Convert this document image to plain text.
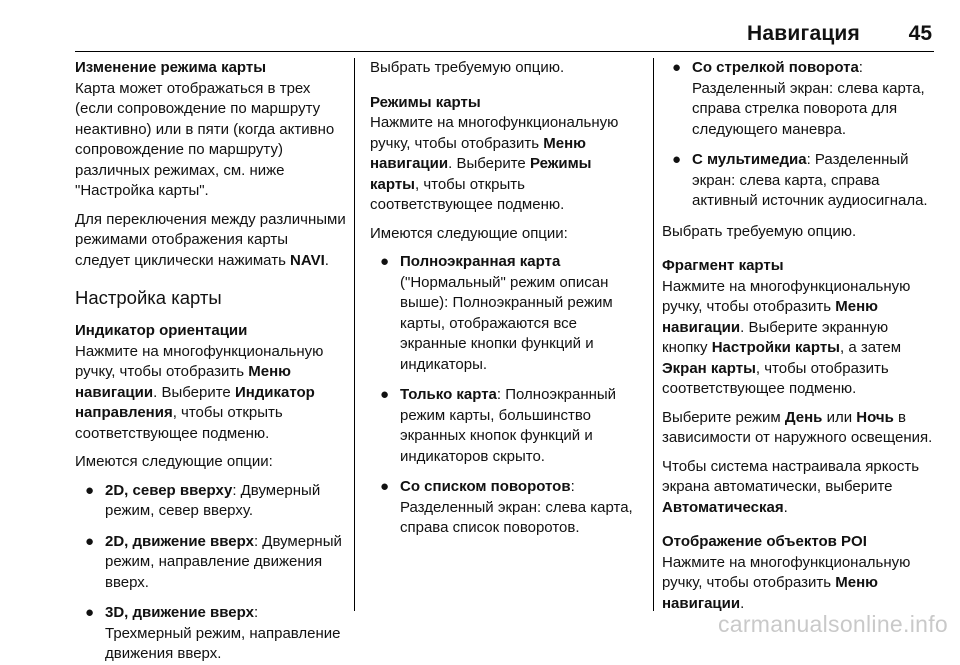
Навигация 45
Изменение режима карты

Карта может отображаться в трех (если сопровождение по маршруту неактивно) или в пяти (когда активно сопровождение по маршруту) различных режимах, см. ниже "Настройка карты".

Для переключения между различными режимами отображения карты следует циклически нажимать NAVI.

Настройка карты
Индикатор ориентации

Нажмите на многофункциональную ручку, чтобы отобразить Меню навигации. Выберите Индикатор направления, чтобы открыть соответствующее подменю.

Имеются следующие опции:

● 2D, север вверху: Двумерный режим, север вверху.
● 2D, движение вверх: Двумерный режим, направление движения вверх.
● 3D, движение вверх: Трехмерный режим, направление движения вверх.

Выбрать требуемую опцию.

Режимы карты

Нажмите на многофункциональную ручку, чтобы отобразить Меню навигации. Выберите Режимы карты, чтобы открыть соответствующее подменю.

Имеются следующие опции:

● Полноэкранная карта ("Нормальный" режим описан выше): Полноэкранный режим карты, отображаются все экранные кнопки функций и индикаторы.
● Только карта: Полноэкранный режим карты, большинство экранных кнопок функций и индикаторов скрыто.
● Со списком поворотов: Разделенный экран: слева карта, справа список поворотов.
● Со стрелкой поворота: Разделенный экран: слева карта, справа стрелка поворота для следующего маневра.
● С мультимедиа: Разделенный экран: слева карта, справа активный источник аудиосигнала.

Выбрать требуемую опцию.

Фрагмент карты

Нажмите на многофункциональную ручку, чтобы отобразить Меню навигации. Выберите экранную кнопку Настройки карты, а затем Экран карты, чтобы отобразить соответствующее подменю.

Выберите режим День или Ночь в зависимости от наружного освещения.

Чтобы система настраивала яркость экрана автоматически, выберите Автоматическая.

Отображение объектов POI

Нажмите на многофункциональную ручку, чтобы отобразить Меню навигации.

carmanualsonline.info
